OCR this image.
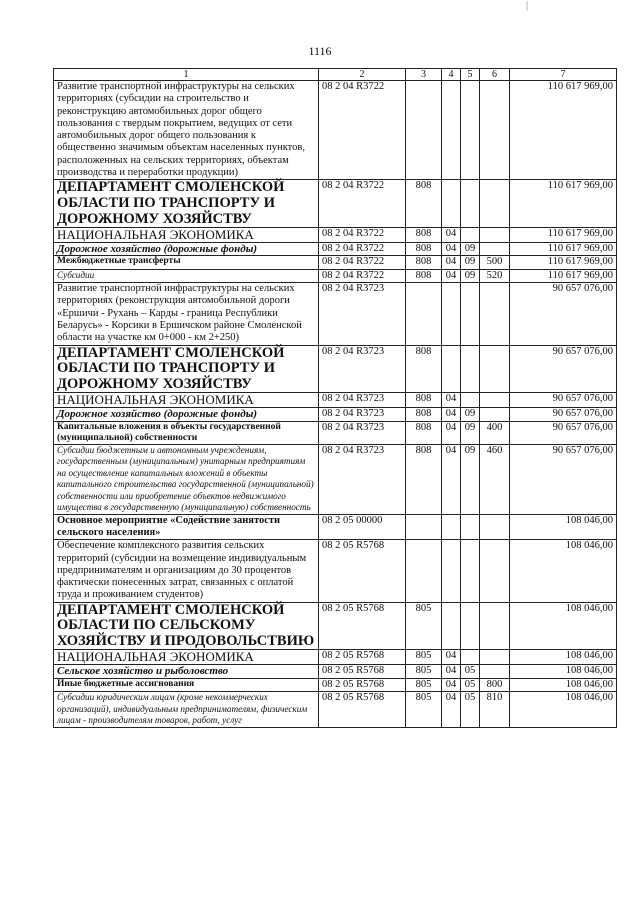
|
1116
1	2	3	4	5	6	7
Развитие транспортной инфраструктуры на сельских территориях (субсидии на строительство и реконструкцию автомобильных дорог общего пользования с твердым покрытием, ведущих от сети автомобильных дорог общего пользования к общественно значимым объектам населенных пунктов, расположенных на сельских территориях, объектам производства и переработки продукции)	08 2 04 R3722					110 617 969,00
ДЕПАРТАМЕНТ СМОЛЕНСКОЙ ОБЛАСТИ ПО ТРАНСПОРТУ И ДОРОЖНОМУ ХОЗЯЙСТВУ	08 2 04 R3722	808				110 617 969,00
НАЦИОНАЛЬНАЯ ЭКОНОМИКА	08 2 04 R3722	808	04			110 617 969,00
Дорожное хозяйство (дорожные фонды)	08 2 04 R3722	808	04	09		110 617 969,00
Межбюджетные трансферты	08 2 04 R3722	808	04	09	500	110 617 969,00
Субсидии	08 2 04 R3722	808	04	09	520	110 617 969,00
Развитие транспортной инфраструктуры на сельских территориях (реконструкция автомобильной дороги «Ершичи - Рухань – Карды - граница Республики Беларусь» - Корсики в Ершичском районе Смоленской области на участке км 0+000 - км 2+250)	08 2 04 R3723					90 657 076,00
ДЕПАРТАМЕНТ СМОЛЕНСКОЙ ОБЛАСТИ ПО ТРАНСПОРТУ И ДОРОЖНОМУ ХОЗЯЙСТВУ	08 2 04 R3723	808				90 657 076,00
НАЦИОНАЛЬНАЯ ЭКОНОМИКА	08 2 04 R3723	808	04			90 657 076,00
Дорожное хозяйство (дорожные фонды)	08 2 04 R3723	808	04	09		90 657 076,00
Капитальные вложения в объекты государственной (муниципальной) собственности	08 2 04 R3723	808	04	09	400	90 657 076,00
Субсидии бюджетным и автономным учреждениям, государственным (муниципальным) унитарным предприятиям на осуществление капитальных вложений в объекты капитального строительства государственной (муниципальной) собственности или приобретение объектов недвижимого имущества в государственную (муниципальную) собственность	08 2 04 R3723	808	04	09	460	90 657 076,00
Основное мероприятие «Содействие занятости сельского населения»	08 2 05 00000					108 046,00
Обеспечение комплексного развития сельских территорий (субсидии на возмещение индивидуальным предпринимателям и организациям до 30 процентов фактически понесенных затрат, связанных с оплатой труда и проживанием студентов)	08 2 05 R5768					108 046,00
ДЕПАРТАМЕНТ СМОЛЕНСКОЙ ОБЛАСТИ ПО СЕЛЬСКОМУ ХОЗЯЙСТВУ И ПРОДОВОЛЬСТВИЮ	08 2 05 R5768	805				108 046,00
НАЦИОНАЛЬНАЯ ЭКОНОМИКА	08 2 05 R5768	805	04			108 046,00
Сельское хозяйство и рыболовство	08 2 05 R5768	805	04	05		108 046,00
Иные бюджетные ассигнования	08 2 05 R5768	805	04	05	800	108 046,00
Субсидии юридическим лицам (кроме некоммерческих организаций), индивидуальным предпринимателям, физическим лицам - производителям товаров, работ, услуг	08 2 05 R5768	805	04	05	810	108 046,00
